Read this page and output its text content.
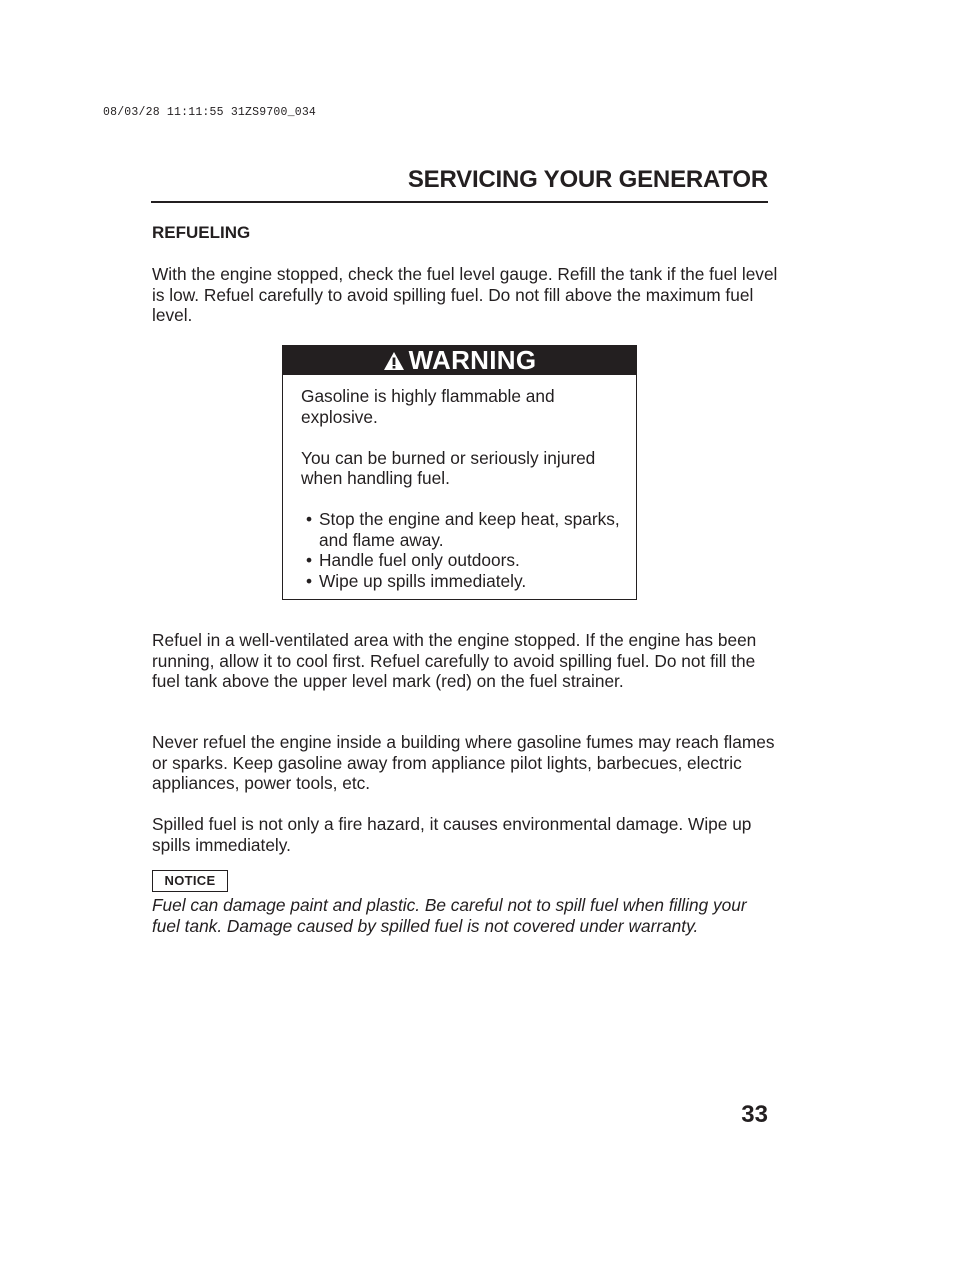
08/03/28 11:11:55 31ZS9700_034
SERVICING YOUR GENERATOR
REFUELING

With the engine stopped, check the fuel level gauge. Refill the tank if the fuel level is low. Refuel carefully to avoid spilling fuel. Do not fill above the maximum fuel level.

WARNING

Gasoline is highly flammable and explosive.

You can be burned or seriously injured when handling fuel.

• Stop the engine and keep heat, sparks, and flame away.
• Handle fuel only outdoors.
• Wipe up spills immediately.

Refuel in a well-ventilated area with the engine stopped. If the engine has been running, allow it to cool first. Refuel carefully to avoid spilling fuel. Do not fill the fuel tank above the upper level mark (red) on the fuel strainer.

Never refuel the engine inside a building where gasoline fumes may reach flames or sparks. Keep gasoline away from appliance pilot lights, barbecues, electric appliances, power tools, etc.

Spilled fuel is not only a fire hazard, it causes environmental damage. Wipe up spills immediately.

NOTICE

Fuel can damage paint and plastic. Be careful not to spill fuel when filling your fuel tank. Damage caused by spilled fuel is not covered under warranty.

33
